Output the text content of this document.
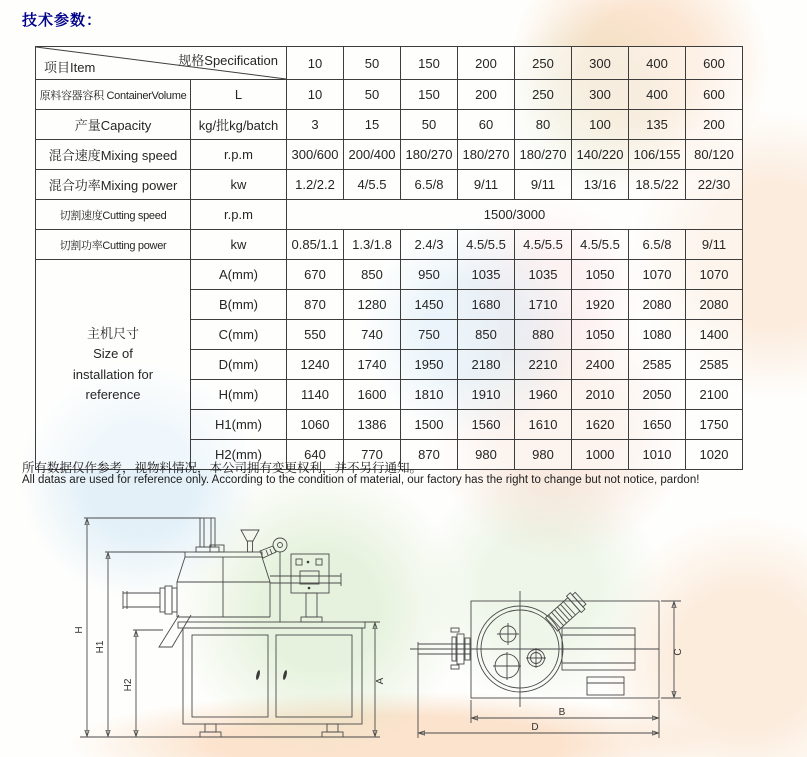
技术参数：
规格Specification
项目Item		10	50	150	200	250	300	400	600
原料容器容积 ContainerVolume	L	10	50	150	200	250	300	400	600
产量Capacity	kg/批kg/batch	3	15	50	60	80	100	135	200
混合速度Mixing speed	r.p.m	300/600	200/400	180/270	180/270	180/270	140/220	106/155	80/120
混合功率Mixing power	kw	1.2/2.2	4/5.5	6.5/8	9/11	9/11	13/16	18.5/22	22/30
切割速度Cutting speed	r.p.m	1500/3000							
切割功率Cutting power	kw	0.85/1.1	1.3/1.8	2.4/3	4.5/5.5	4.5/5.5	4.5/5.5	6.5/8	9/11

主机尺寸
Size of
installation for
reference	A(mm)	670	850	950	1035	1035	1050	1070	1070
	B(mm)	870	1280	1450	1680	1710	1920	2080	2080
	C(mm)	550	740	750	850	880	1050	1080	1400
	D(mm)	1240	1740	1950	2180	2210	2400	2585	2585
	H(mm)	1140	1600	1810	1910	1960	2010	2050	2100
	H1(mm)	1060	1386	1500	1560	1610	1620	1650	1750
	H2(mm)	640	770	870	980	980	1000	1010	1020
所有数据仅作参考，视物料情况，本公司拥有变更权利，并不另行通知。
All datas are used for reference only. According to the condition of material, our factory has the right to change but not notice, pardon!
H
H1
H2	A
C
B
D
